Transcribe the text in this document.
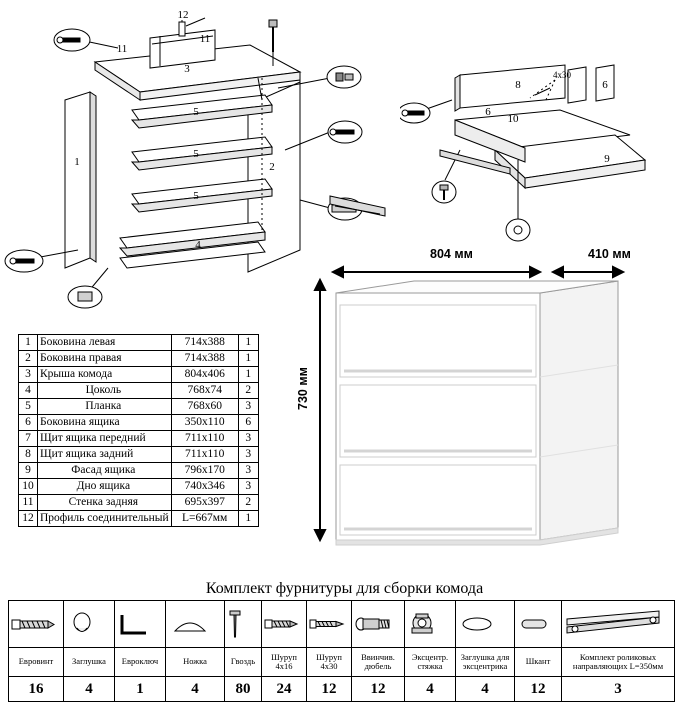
12
11
11
3
5
5
5
1	2
4
8
6
6
10
9
4х30
1	Боковина левая	714х388	1
2	Боковина правая	714х388	1
3	Крыша комода	804х406	1
4	Цоколь	768х74	2
5	Планка	768х60	3
6	Боковина ящика	350х110	6
7	Щит ящика передний	711х110	3
8	Щит ящика задний	711х110	3
9	Фасад ящика	796х170	3
10	Дно ящика	740х346	3
11	Стенка задняя	695х397	2
12	Профиль соединительный	L=667мм	1
804 мм	410 мм
730 мм
Комплект фурнитуры для сборки комода

Евровинт	Заглушка	Евроключ	Ножка	Гвоздь	Шуруп 4х16	Шуруп 4х30	Ввинчив. дюбель	Эксцентр. стяжка	Заглушка для эксцентрика	Шкант	Комплект роликовых направляющих L=350мм
16	4	1	4	80	24	12	12	4	4	12	3
